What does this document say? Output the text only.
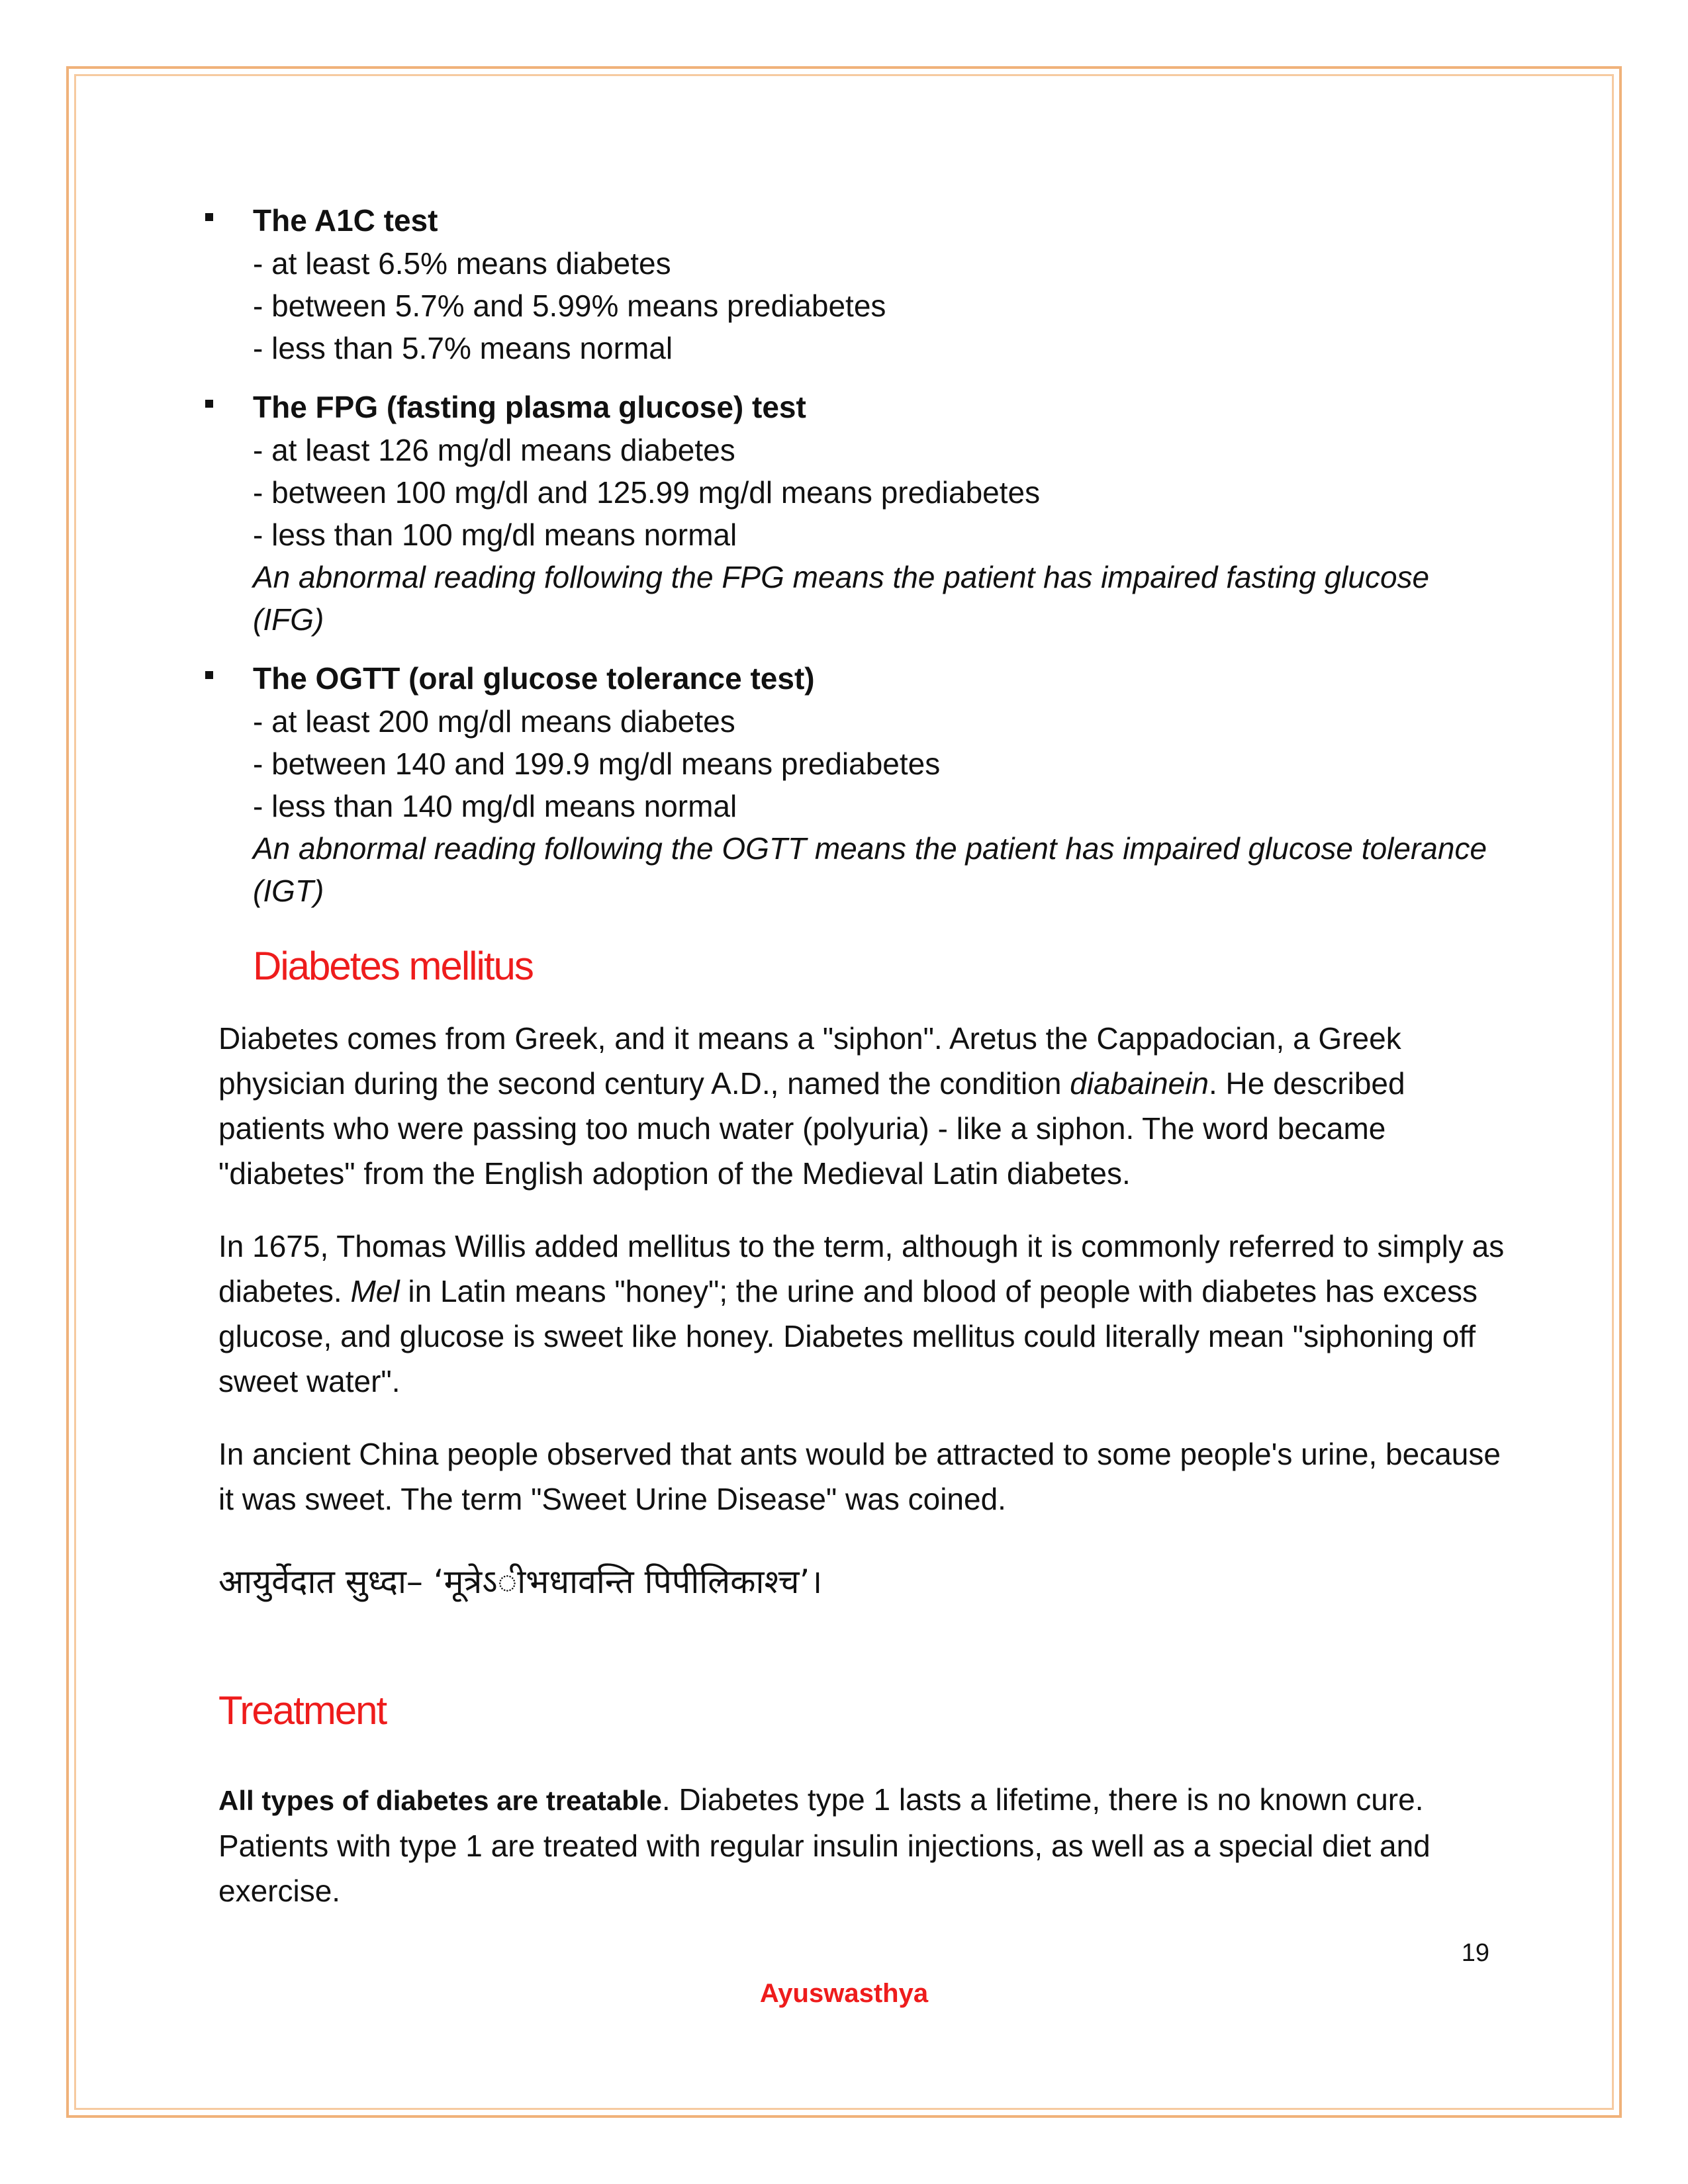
The A1C test
- at least 6.5% means diabetes
- between 5.7% and 5.99% means prediabetes
- less than 5.7% means normal
The FPG (fasting plasma glucose) test
- at least 126 mg/dl means diabetes
- between 100 mg/dl and 125.99 mg/dl means prediabetes
- less than 100 mg/dl means normal
An abnormal reading following the FPG means the patient has impaired fasting glucose (IFG)
The OGTT (oral glucose tolerance test)
- at least 200 mg/dl means diabetes
- between 140 and 199.9 mg/dl means prediabetes
- less than 140 mg/dl means normal
An abnormal reading following the OGTT means the patient has impaired glucose tolerance (IGT)
Diabetes mellitus

Diabetes comes from Greek, and it means a "siphon". Aretus the Cappadocian, a Greek physician during the second century A.D., named the condition diabainein. He described patients who were passing too much water (polyuria) - like a siphon. The word became "diabetes" from the English adoption of the Medieval Latin diabetes.

In 1675, Thomas Willis added mellitus to the term, although it is commonly referred to simply as diabetes. Mel in Latin means "honey"; the urine and blood of people with diabetes has excess glucose, and glucose is sweet like honey. Diabetes mellitus could literally mean "siphoning off sweet water".

In ancient China people observed that ants would be attracted to some people's urine, because it was sweet. The term "Sweet Urine Disease" was coined.

आयुर्वेदात सुध्दा– ‘मूत्रेऽीभधावन्ति पिपीलिकाश्च’।
Treatment

All types of diabetes are treatable. Diabetes type 1 lasts a lifetime, there is no known cure. Patients with type 1 are treated with regular insulin injections, as well as a special diet and exercise.

19
Ayuswasthya
